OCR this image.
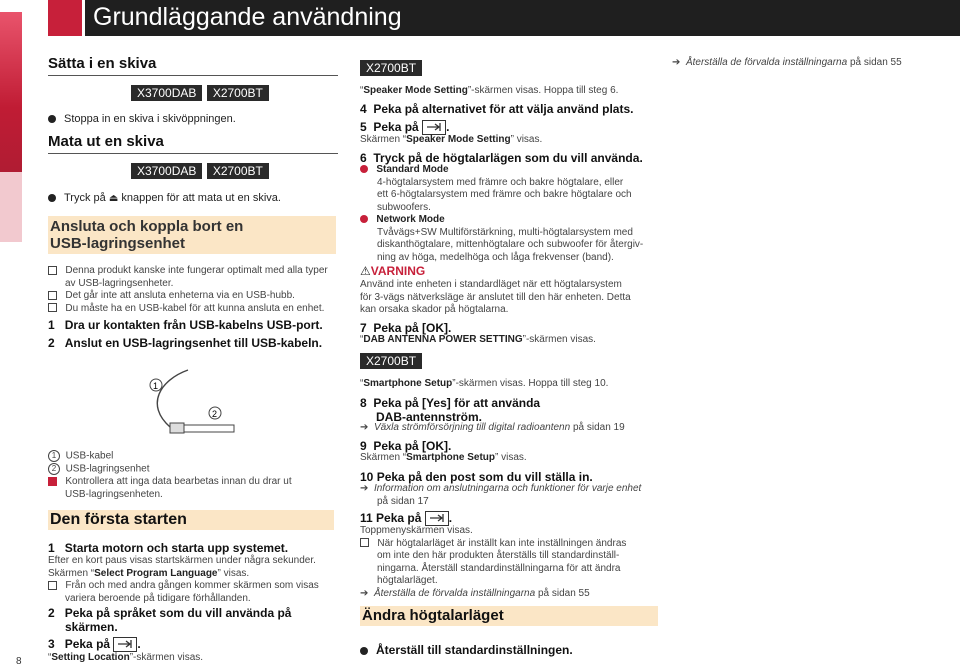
Grundläggande användning
8
Sätta i en skiva
X3700DAB X2700BT
Stoppa in en skiva i skivöppningen.
Mata ut en skiva
X3700DAB X2700BT
Tryck på ⏏ knappen för att mata ut en skiva.
Ansluta och koppla bort en
USB-lagringsenhet
Denna produkt kanske inte fungerar optimalt med alla typer
av USB-lagringsenheter.
Det går inte att ansluta enheterna via en USB-hubb.
Du måste ha en USB-kabel för att kunna ansluta en enhet.
1 Dra ur kontakten från USB-kabelns USB-port.
2 Anslut en USB-lagringsenhet till USB-kabeln.
1
2
1 USB-kabel
2 USB-lagringsenhet
Kontrollera att inga data bearbetas innan du drar ut
USB-lagringsenheten.
Den första starten
1 Starta motorn och starta upp systemet.
Efter en kort paus visas startskärmen under några sekunder.
Skärmen “Select Program Language” visas.
Från och med andra gången kommer skärmen som visas
variera beroende på tidigare förhållanden.
2 Peka på språket som du vill använda på
skärmen.
3 Peka på .
“Setting Location”-skärmen visas.
X2700BT
“Speaker Mode Setting”-skärmen visas. Hoppa till steg 6.
4 Peka på alternativet för att välja använd plats.
5 Peka på .
Skärmen “Speaker Mode Setting” visas.
6 Tryck på de högtalarlägen som du vill använda.
Standard Mode
4-högtalarsystem med främre och bakre högtalare, eller
ett 6-högtalarsystem med främre och bakre högtalare och
subwoofers.
Network Mode
Tvåvägs+SW Multiförstärkning, multi-högtalarsystem med
diskanthögtalare, mittenhögtalare och subwoofer för återgiv-
ning av höga, medelhöga och låga frekvenser (band).
⚠VARNING
Använd inte enheten i standardläget när ett högtalarsystem
för 3-vägs nätverksläge är anslutet till den här enheten. Detta
kan orsaka skador på högtalarna.
7 Peka på [OK].
“DAB ANTENNA POWER SETTING”-skärmen visas.
X2700BT
“Smartphone Setup”-skärmen visas. Hoppa till steg 10.
8 Peka på [Yes] för att använda
DAB-antennström.
➔ Växla strömförsörjning till digital radioantenn på sidan 19
9 Peka på [OK].
Skärmen “Smartphone Setup” visas.
10 Peka på den post som du vill ställa in.
➔ Information om anslutningarna och funktioner för varje enhet
på sidan 17
11 Peka på .
Toppmenyskärmen visas.
När högtalarläget är inställt kan inte inställningen ändras
om inte den här produkten återställs till standardinställ-
ningarna. Återställ standardinställningarna för att ändra
högtalarläget.
➔ Återställa de förvalda inställningarna på sidan 55
Ändra högtalarläget
Återställ till standardinställningen.
➔ Återställa de förvalda inställningarna på sidan 55
